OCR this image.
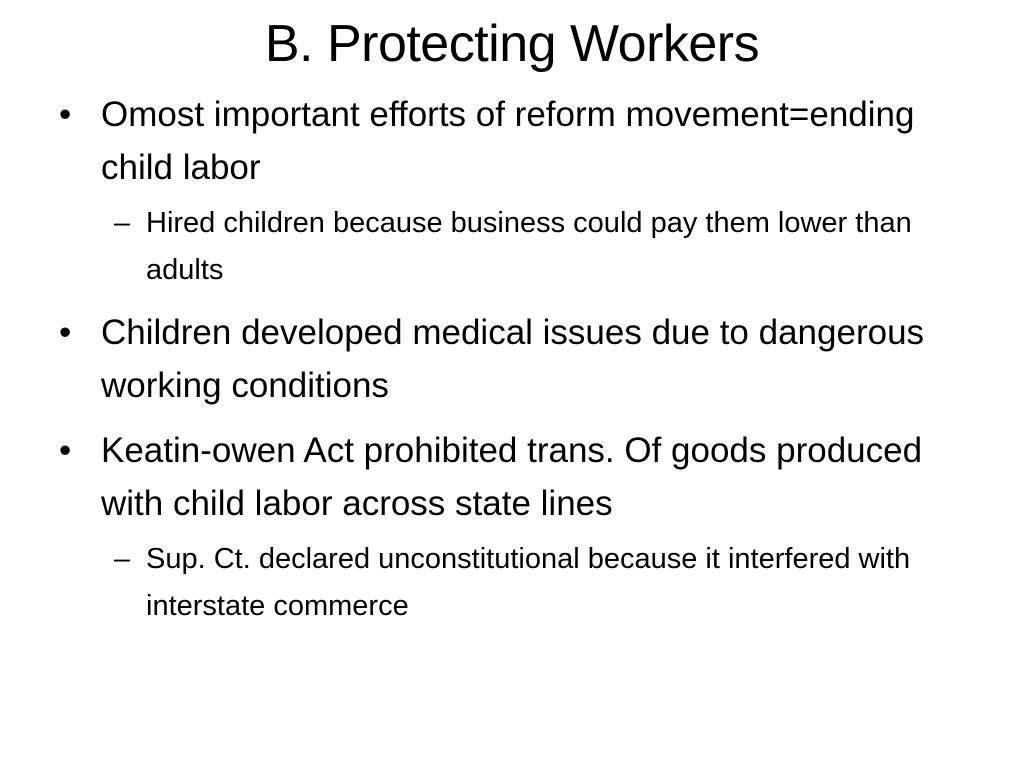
B. Protecting Workers
• Omost important efforts of reform movement=ending child labor
– Hired children because business could pay them lower than adults
• Children developed medical issues due to dangerous working conditions
• Keatin-owen Act prohibited trans. Of goods produced with child labor across state lines
– Sup. Ct. declared unconstitutional because it interfered with interstate commerce
